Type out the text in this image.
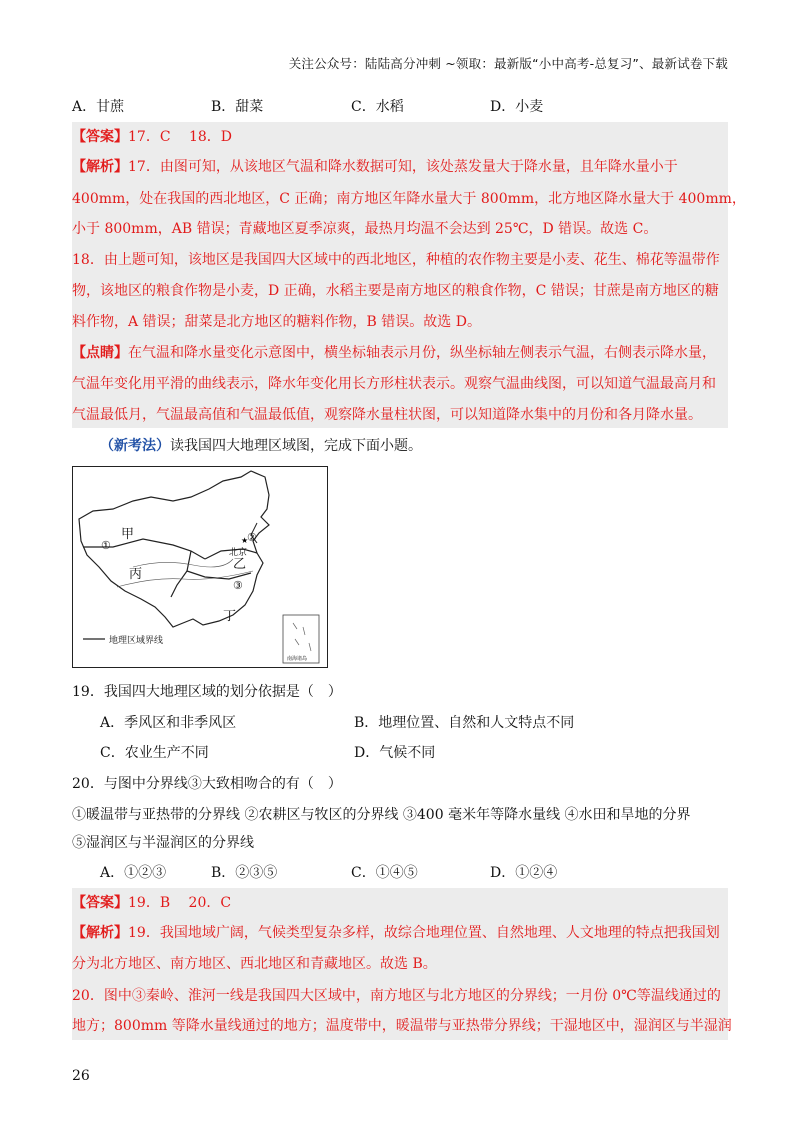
关注公众号：陆陆高分冲刺 ~领取：最新版“小中高考-总复习”、最新试卷下载
A．甘蔗	B．甜菜	C．水稻	D．小麦
【答案】17．C　 18．D
【解析】17．由图可知，从该地区气温和降水数据可知，该处蒸发量大于降水量，且年降水量小于
400mm，处在我国的西北地区，C 正确；南方地区年降水量大于 800mm，北方地区降水量大于 400mm，
小于 800mm，AB 错误；青藏地区夏季凉爽，最热月均温不会达到 25℃，D 错误。故选 C。
18．由上题可知，该地区是我国四大区域中的西北地区，种植的农作物主要是小麦、花生、棉花等温带作
物，该地区的粮食作物是小麦，D 正确，水稻主要是南方地区的粮食作物，C 错误；甘蔗是南方地区的糖
料作物，A 错误；甜菜是北方地区的糖料作物，B 错误。故选 D。
【点睛】在气温和降水量变化示意图中，横坐标轴表示月份，纵坐标轴左侧表示气温，右侧表示降水量，
气温年变化用平滑的曲线表示，降水年变化用长方形柱状表示。观察气温曲线图，可以知道气温最高月和
气温最低月，气温最高值和气温最低值，观察降水量柱状图，可以知道降水集中的月份和各月降水量。
（新考法）读我国四大地理区域图，完成下面小题。
★
甲
乙
丙
丁
①
②
③
北京
地理区域界线
南海诸岛
19．我国四大地理区域的划分依据是（　）
A．季风区和非季风区	B．地理位置、自然和人文特点不同
C．农业生产不同	D．气候不同
20．与图中分界线③大致相吻合的有（　）
①暖温带与亚热带的分界线 ②农耕区与牧区的分界线 ③400 毫米年等降水量线 ④水田和旱地的分界
⑤湿润区与半湿润区的分界线
A．①②③	B．②③⑤	C．①④⑤	D．①②④
【答案】19．B　 20．C
【解析】19．我国地域广阔，气候类型复杂多样，故综合地理位置、自然地理、人文地理的特点把我国划
分为北方地区、南方地区、西北地区和青藏地区。故选 B。
20．图中③秦岭、淮河一线是我国四大区域中，南方地区与北方地区的分界线；一月份 0℃等温线通过的
地方；800mm 等降水量线通过的地方；温度带中，暖温带与亚热带分界线；干湿地区中，湿润区与半湿润
26
